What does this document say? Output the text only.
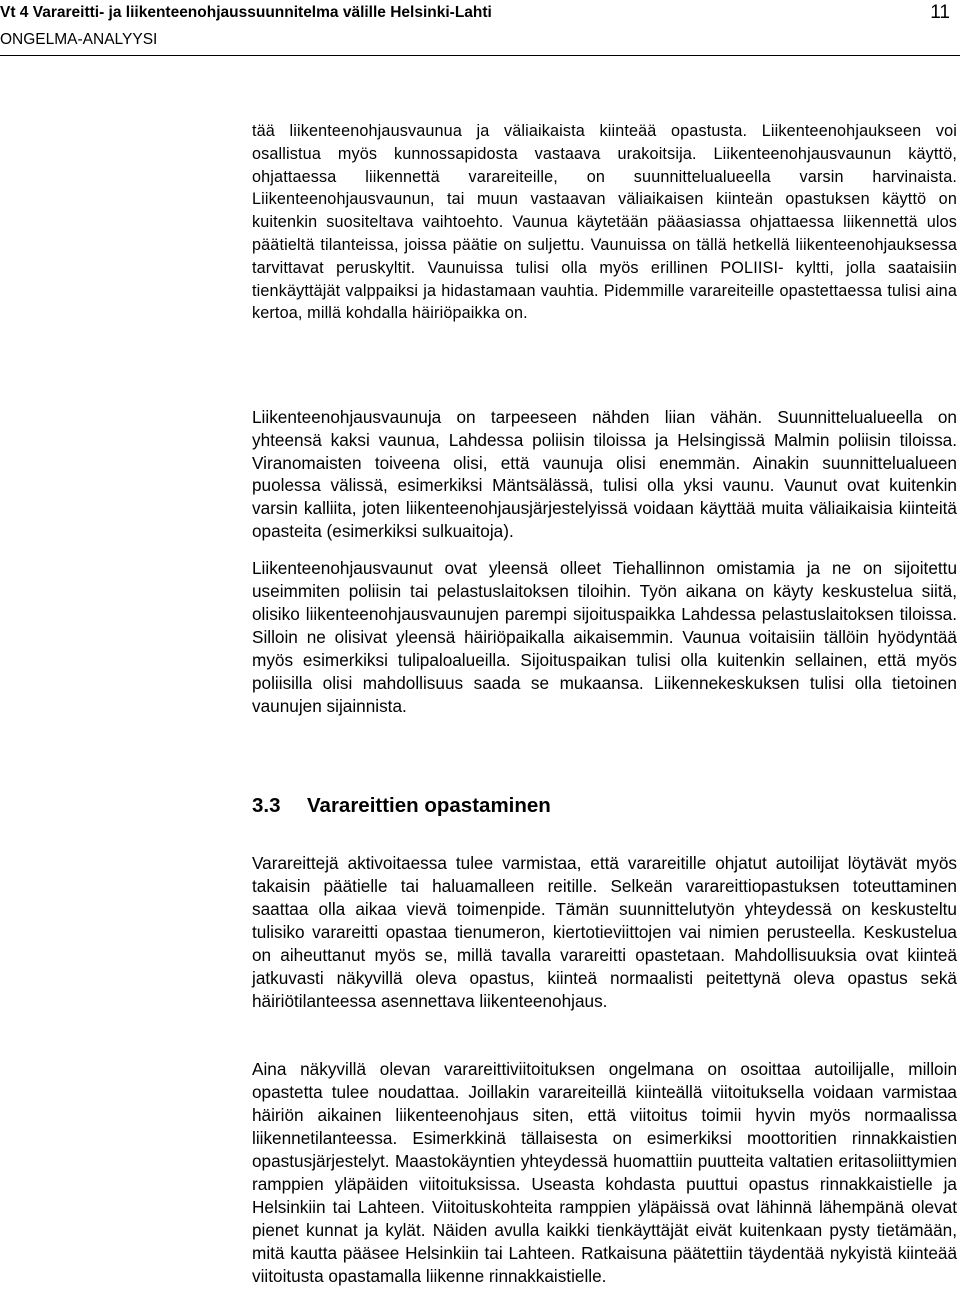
Vt 4 Varareitti- ja liikenteenohjaussuunnitelma välille Helsinki-Lahti
ONGELMA-ANALYYSI
11

tää liikenteenohjausvaunua ja väliaikaista kiinteää opastusta. Liikenteenohjaukseen voi osallistua myös kunnossapidosta vastaava urakoitsija. Liikenteenohjausvaunun käyttö, ohjattaessa liikennettä varareiteille, on suunnittelualueella varsin harvinaista. Liikenteenohjausvaunun, tai muun vastaavan väliaikaisen kiinteän opastuksen käyttö on kuitenkin suositeltava vaihtoehto. Vaunua käytetään pääasiassa ohjattaessa liikennettä ulos päätieltä tilanteissa, joissa päätie on suljettu. Vaunuissa on tällä hetkellä liikenteenohjauksessa tarvittavat peruskyltit. Vaunuissa tulisi olla myös erillinen POLIISI- kyltti, jolla saataisiin tienkäyttäjät valppaiksi ja hidastamaan vauhtia. Pidemmille varareiteille opastettaessa tulisi aina kertoa, millä kohdalla häiriöpaikka on.

Liikenteenohjausvaunuja on tarpeeseen nähden liian vähän. Suunnittelualueella on yhteensä kaksi vaunua, Lahdessa poliisin tiloissa ja Helsingissä Malmin poliisin tiloissa. Viranomaisten toiveena olisi, että vaunuja olisi enemmän. Ainakin suunnittelualueen puolessa välissä, esimerkiksi Mäntsälässä, tulisi olla yksi vaunu. Vaunut ovat kuitenkin varsin kalliita, joten liikenteenohjausjärjestelyissä voidaan käyttää muita väliaikaisia kiinteitä opasteita (esimerkiksi sulkuaitoja).

Liikenteenohjausvaunut ovat yleensä olleet Tiehallinnon omistamia ja ne on sijoitettu useimmiten poliisin tai pelastuslaitoksen tiloihin. Työn aikana on käyty keskustelua siitä, olisiko liikenteenohjausvaunujen parempi sijoituspaikka Lahdessa pelastuslaitoksen tiloissa. Silloin ne olisivat yleensä häiriöpaikalla aikaisemmin. Vaunua voitaisiin tällöin hyödyntää myös esimerkiksi tulipaloalueilla. Sijoituspaikan tulisi olla kuitenkin sellainen, että myös poliisilla olisi mahdollisuus saada se mukaansa. Liikennekeskuksen tulisi olla tietoinen vaunujen sijainnista.

3.3 Varareittien opastaminen

Varareittejä aktivoitaessa tulee varmistaa, että varareitille ohjatut autoilijat löytävät myös takaisin päätielle tai haluamalleen reitille. Selkeän varareittiopastuksen toteuttaminen saattaa olla aikaa vievä toimenpide. Tämän suunnittelutyön yhteydessä on keskusteltu tulisiko varareitti opastaa tienumeron, kiertotieviittojen vai nimien perusteella. Keskustelua on aiheuttanut myös se, millä tavalla varareitti opastetaan. Mahdollisuuksia ovat kiinteä jatkuvasti näkyvillä oleva opastus, kiinteä normaalisti peitettynä oleva opastus sekä häiriötilanteessa asennettava liikenteenohjaus.

Aina näkyvillä olevan varareittiviitoituksen ongelmana on osoittaa autoilijalle, milloin opastetta tulee noudattaa. Joillakin varareiteillä kiinteällä viitoituksella voidaan varmistaa häiriön aikainen liikenteenohjaus siten, että viitoitus toimii hyvin myös normaalissa liikennetilanteessa. Esimerkkinä tällaisesta on esimerkiksi moottoritien rinnakkaistien opastusjärjestelyt. Maastokäyntien yhteydessä huomattiin puutteita valtatien eritasoliittymien ramppien yläpäiden viitoituksissa. Useasta kohdasta puuttui opastus rinnakkaistielle ja Helsinkiin tai Lahteen. Viitoituskohteita ramppien yläpäissä ovat lähinnä lähempänä olevat pienet kunnat ja kylät. Näiden avulla kaikki tienkäyttäjät eivät kuitenkaan pysty tietämään, mitä kautta pääsee Helsinkiin tai Lahteen. Ratkaisuna päätettiin täydentää nykyistä kiinteää viitoitusta opastamalla liikenne rinnakkaistielle.
